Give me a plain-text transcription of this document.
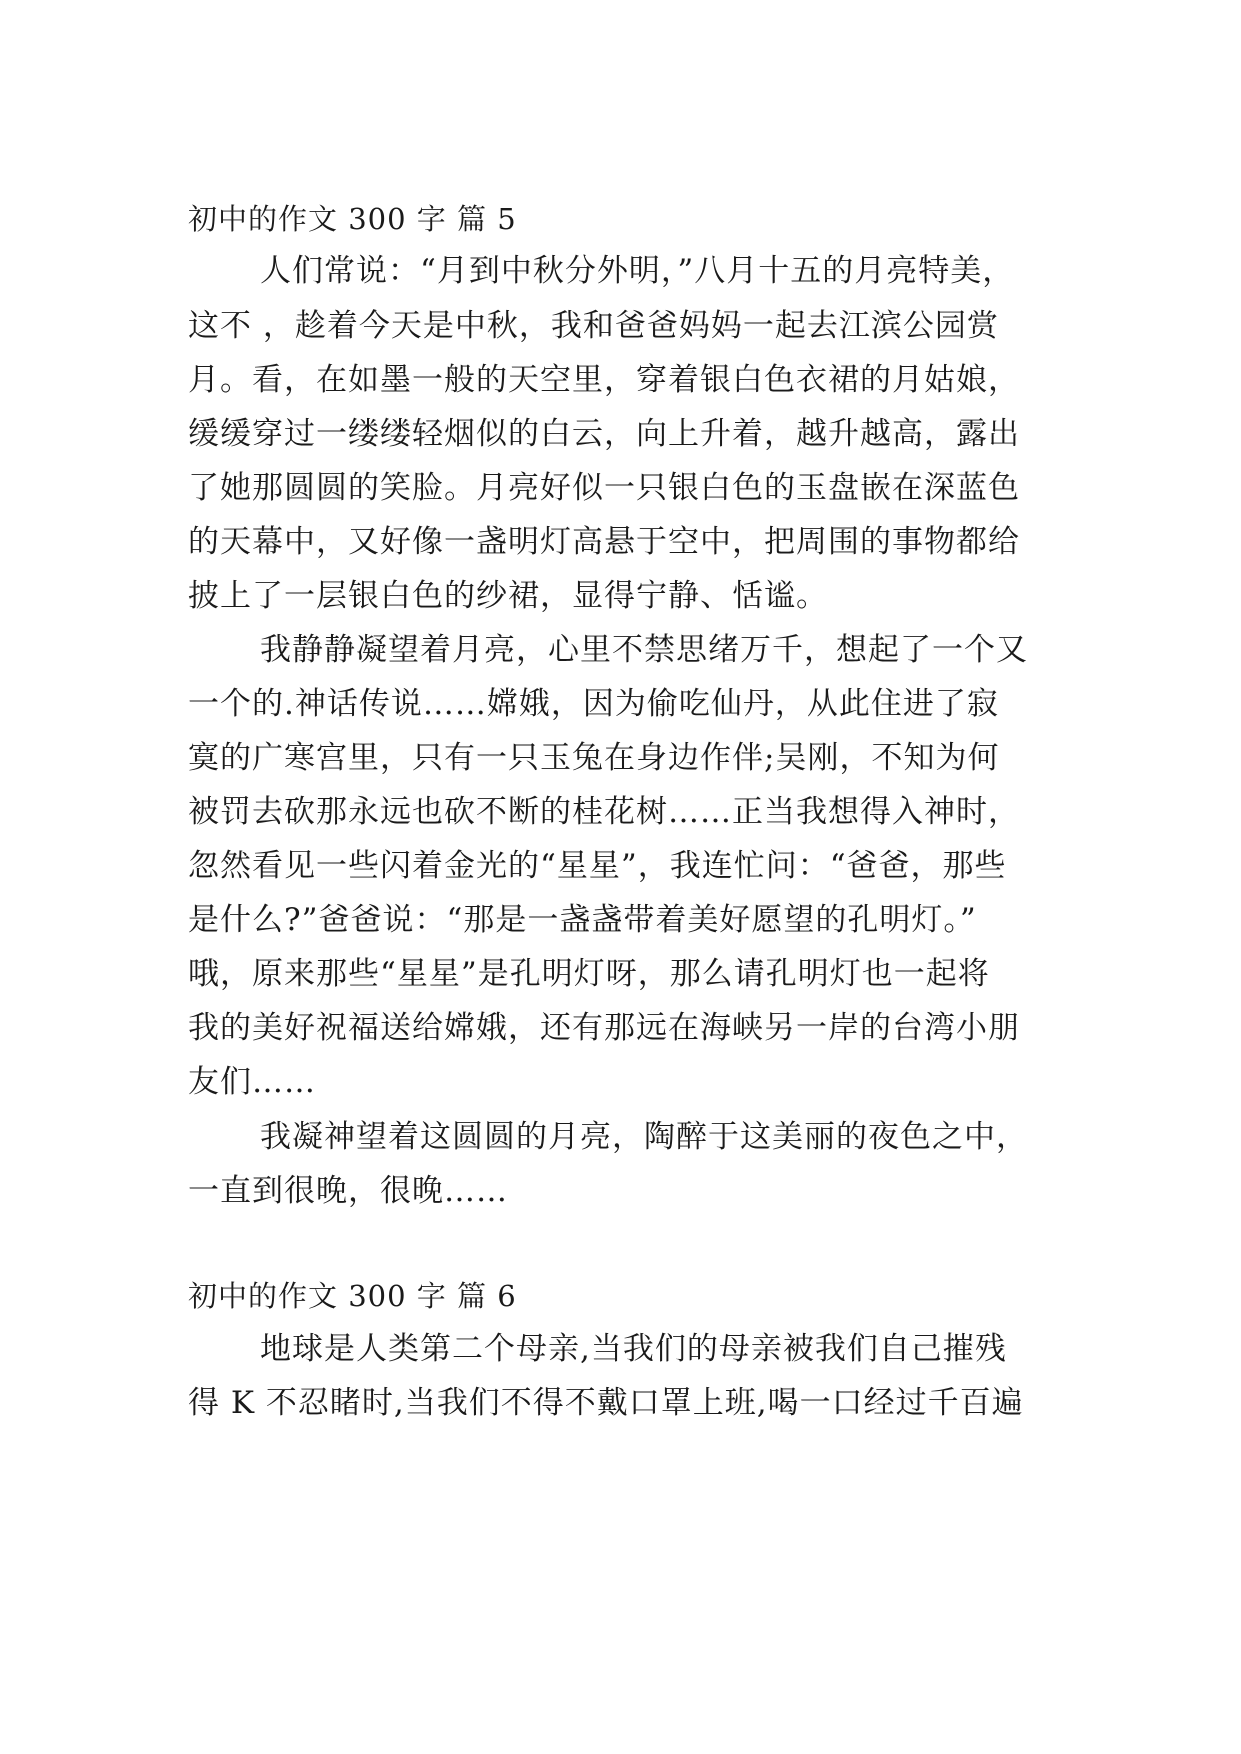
初中的作文 300 字 篇 5
人们常说：“月到中秋分外明，”八月十五的月亮特美，
这不 ，趁着今天是中秋，我和爸爸妈妈一起去江滨公园赏
月。看，在如墨一般的天空里，穿着银白色衣裙的月姑娘，
缓缓穿过一缕缕轻烟似的白云，向上升着，越升越高，露出
了她那圆圆的笑脸。月亮好似一只银白色的玉盘嵌在深蓝色
的天幕中，又好像一盏明灯高悬于空中，把周围的事物都给
披上了一层银白色的纱裙，显得宁静、恬谧。
我静静凝望着月亮，心里不禁思绪万千，想起了一个又
一个的.神话传说……嫦娥，因为偷吃仙丹，从此住进了寂
寞的广寒宫里，只有一只玉兔在身边作伴;吴刚，不知为何
被罚去砍那永远也砍不断的桂花树……正当我想得入神时，
忽然看见一些闪着金光的“星星”，我连忙问：“爸爸，那些
是什么?”爸爸说：“那是一盏盏带着美好愿望的孔明灯。”
哦，原来那些“星星”是孔明灯呀，那么请孔明灯也一起将
我的美好祝福送给嫦娥，还有那远在海峡另一岸的台湾小朋
友们……
我凝神望着这圆圆的月亮，陶醉于这美丽的夜色之中，
一直到很晚，很晚……
初中的作文 300 字 篇 6
地球是人类第二个母亲,当我们的母亲被我们自己摧残
得 K 不忍睹时,当我们不得不戴口罩上班,喝一口经过千百遍
